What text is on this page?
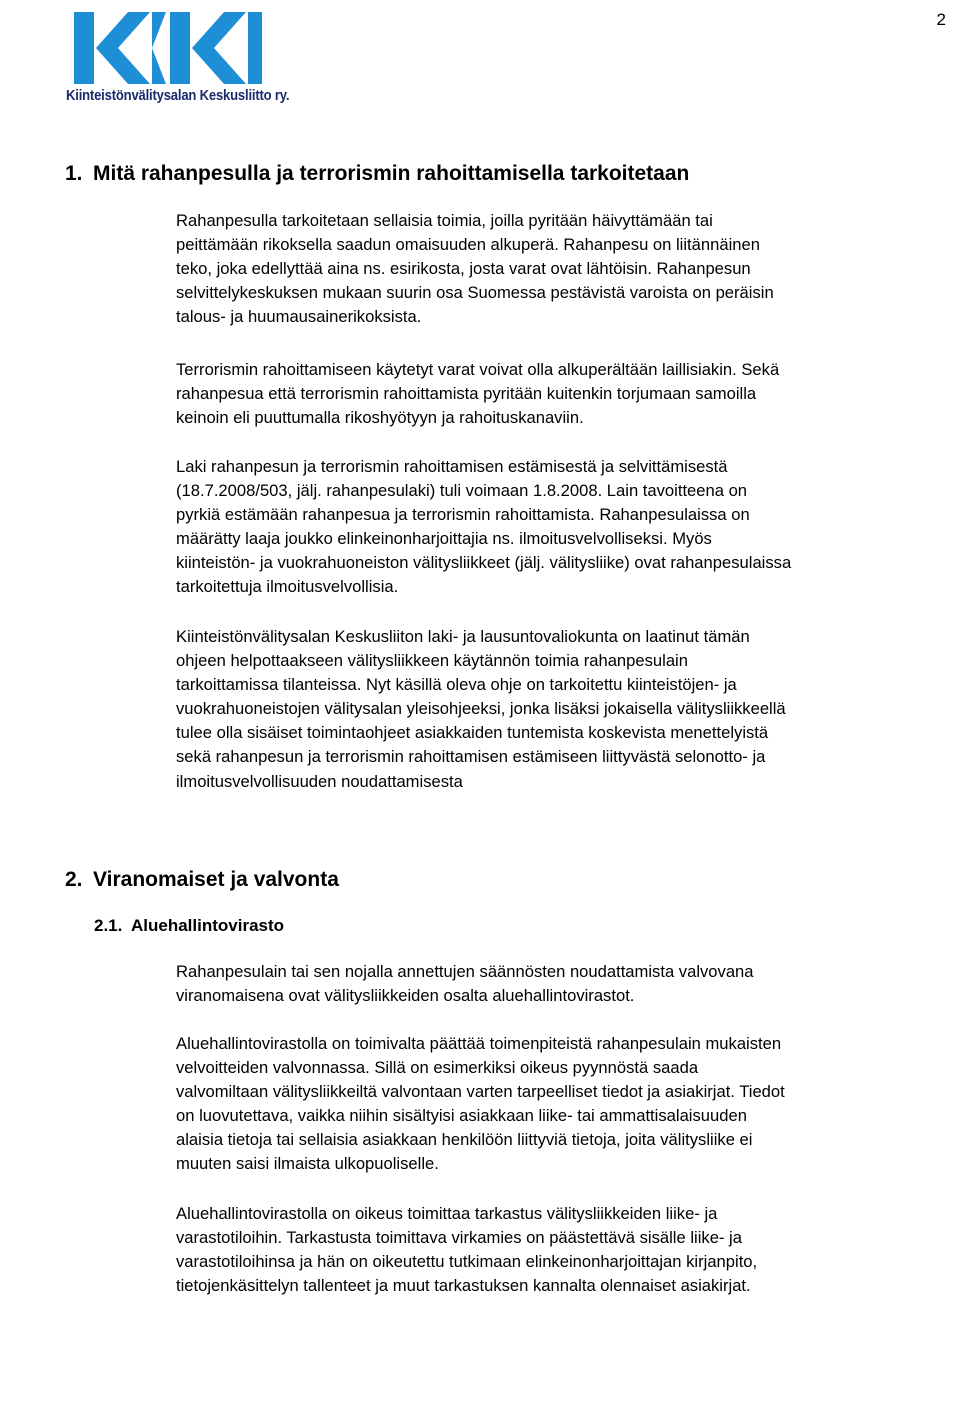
2
Kiinteistönvälitysalan Keskusliitto ry.
1. Mitä rahanpesulla ja terrorismin rahoittamisella tarkoitetaan
Rahanpesulla tarkoitetaan sellaisia toimia, joilla pyritään häivyttämään tai
peittämään rikoksella saadun omaisuuden alkuperä. Rahanpesu on liitännäinen
teko, joka edellyttää aina ns. esirikosta, josta varat ovat lähtöisin. Rahanpesun
selvittelykeskuksen mukaan suurin osa Suomessa pestävistä varoista on peräisin
talous- ja huumausainerikoksista.
Terrorismin rahoittamiseen käytetyt varat voivat olla alkuperältään laillisiakin. Sekä
rahanpesua että terrorismin rahoittamista pyritään kuitenkin torjumaan samoilla
keinoin eli puuttumalla rikoshyötyyn ja rahoituskanaviin.
Laki rahanpesun ja terrorismin rahoittamisen estämisestä ja selvittämisestä
(18.7.2008/503, jälj. rahanpesulaki) tuli voimaan 1.8.2008. Lain tavoitteena on
pyrkiä estämään rahanpesua ja terrorismin rahoittamista. Rahanpesulaissa on
määrätty laaja joukko elinkeinonharjoittajia ns. ilmoitusvelvolliseksi. Myös
kiinteistön- ja vuokrahuoneiston välitysliikkeet (jälj. välitysliike) ovat rahanpesulaissa
tarkoitettuja ilmoitusvelvollisia.
Kiinteistönvälitysalan Keskusliiton laki- ja lausuntovaliokunta on laatinut tämän
ohjeen helpottaakseen välitysliikkeen käytännön toimia rahanpesulain
tarkoittamissa tilanteissa. Nyt käsillä oleva ohje on tarkoitettu kiinteistöjen- ja
vuokrahuoneistojen välitysalan yleisohjeeksi, jonka lisäksi jokaisella välitysliikkeellä
tulee olla sisäiset toimintaohjeet asiakkaiden tuntemista koskevista menettelyistä
sekä rahanpesun ja terrorismin rahoittamisen estämiseen liittyvästä selonotto- ja
ilmoitusvelvollisuuden noudattamisesta
2. Viranomaiset ja valvonta
2.1. Aluehallintovirasto
Rahanpesulain tai sen nojalla annettujen säännösten noudattamista valvovana
viranomaisena ovat välitysliikkeiden osalta aluehallintovirastot.
Aluehallintovirastolla on toimivalta päättää toimenpiteistä rahanpesulain mukaisten
velvoitteiden valvonnassa. Sillä on esimerkiksi oikeus pyynnöstä saada
valvomiltaan välitysliikkeiltä valvontaan varten tarpeelliset tiedot ja asiakirjat. Tiedot
on luovutettava, vaikka niihin sisältyisi asiakkaan liike- tai ammattisalaisuuden
alaisia tietoja tai sellaisia asiakkaan henkilöön liittyviä tietoja, joita välitysliike ei
muuten saisi ilmaista ulkopuoliselle.
Aluehallintovirastolla on oikeus toimittaa tarkastus välitysliikkeiden liike- ja
varastotiloihin. Tarkastusta toimittava virkamies on päästettävä sisälle liike- ja
varastotiloihinsa ja hän on oikeutettu tutkimaan elinkeinonharjoittajan kirjanpito,
tietojenkäsittelyn tallenteet ja muut tarkastuksen kannalta olennaiset asiakirjat.
